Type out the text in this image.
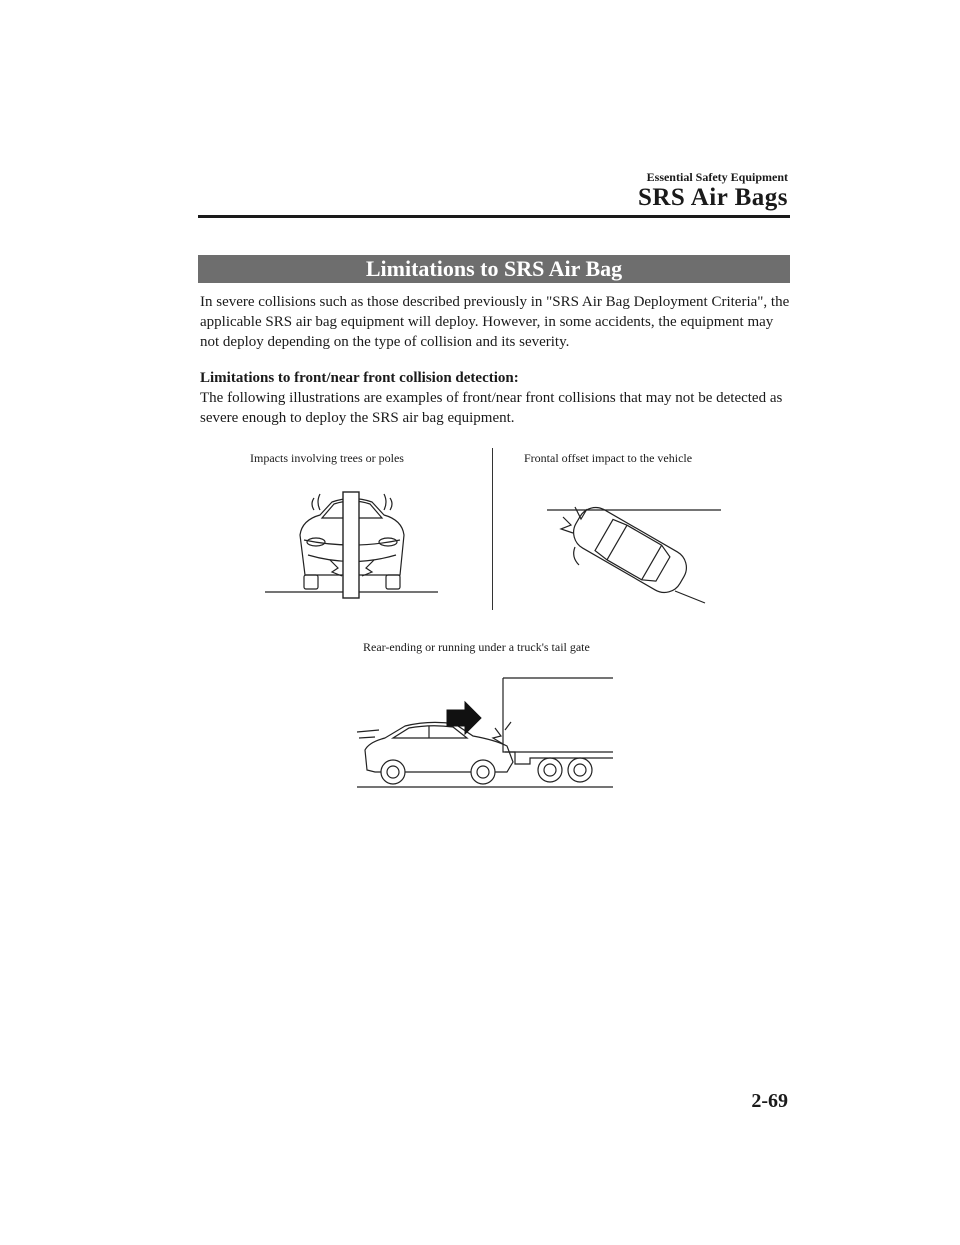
Essential Safety Equipment
SRS Air Bags
Limitations to SRS Air Bag
In severe collisions such as those described previously in "SRS Air Bag Deployment Criteria", the applicable SRS air bag equipment will deploy. However, in some accidents, the equipment may not deploy depending on the type of collision and its severity.
Limitations to front/near front collision detection:
The following illustrations are examples of front/near front collisions that may not be detected as severe enough to deploy the SRS air bag equipment.
Impacts involving trees or poles	Frontal offset impact to the vehicle
Rear-ending or running under a truck's tail gate
2-69
